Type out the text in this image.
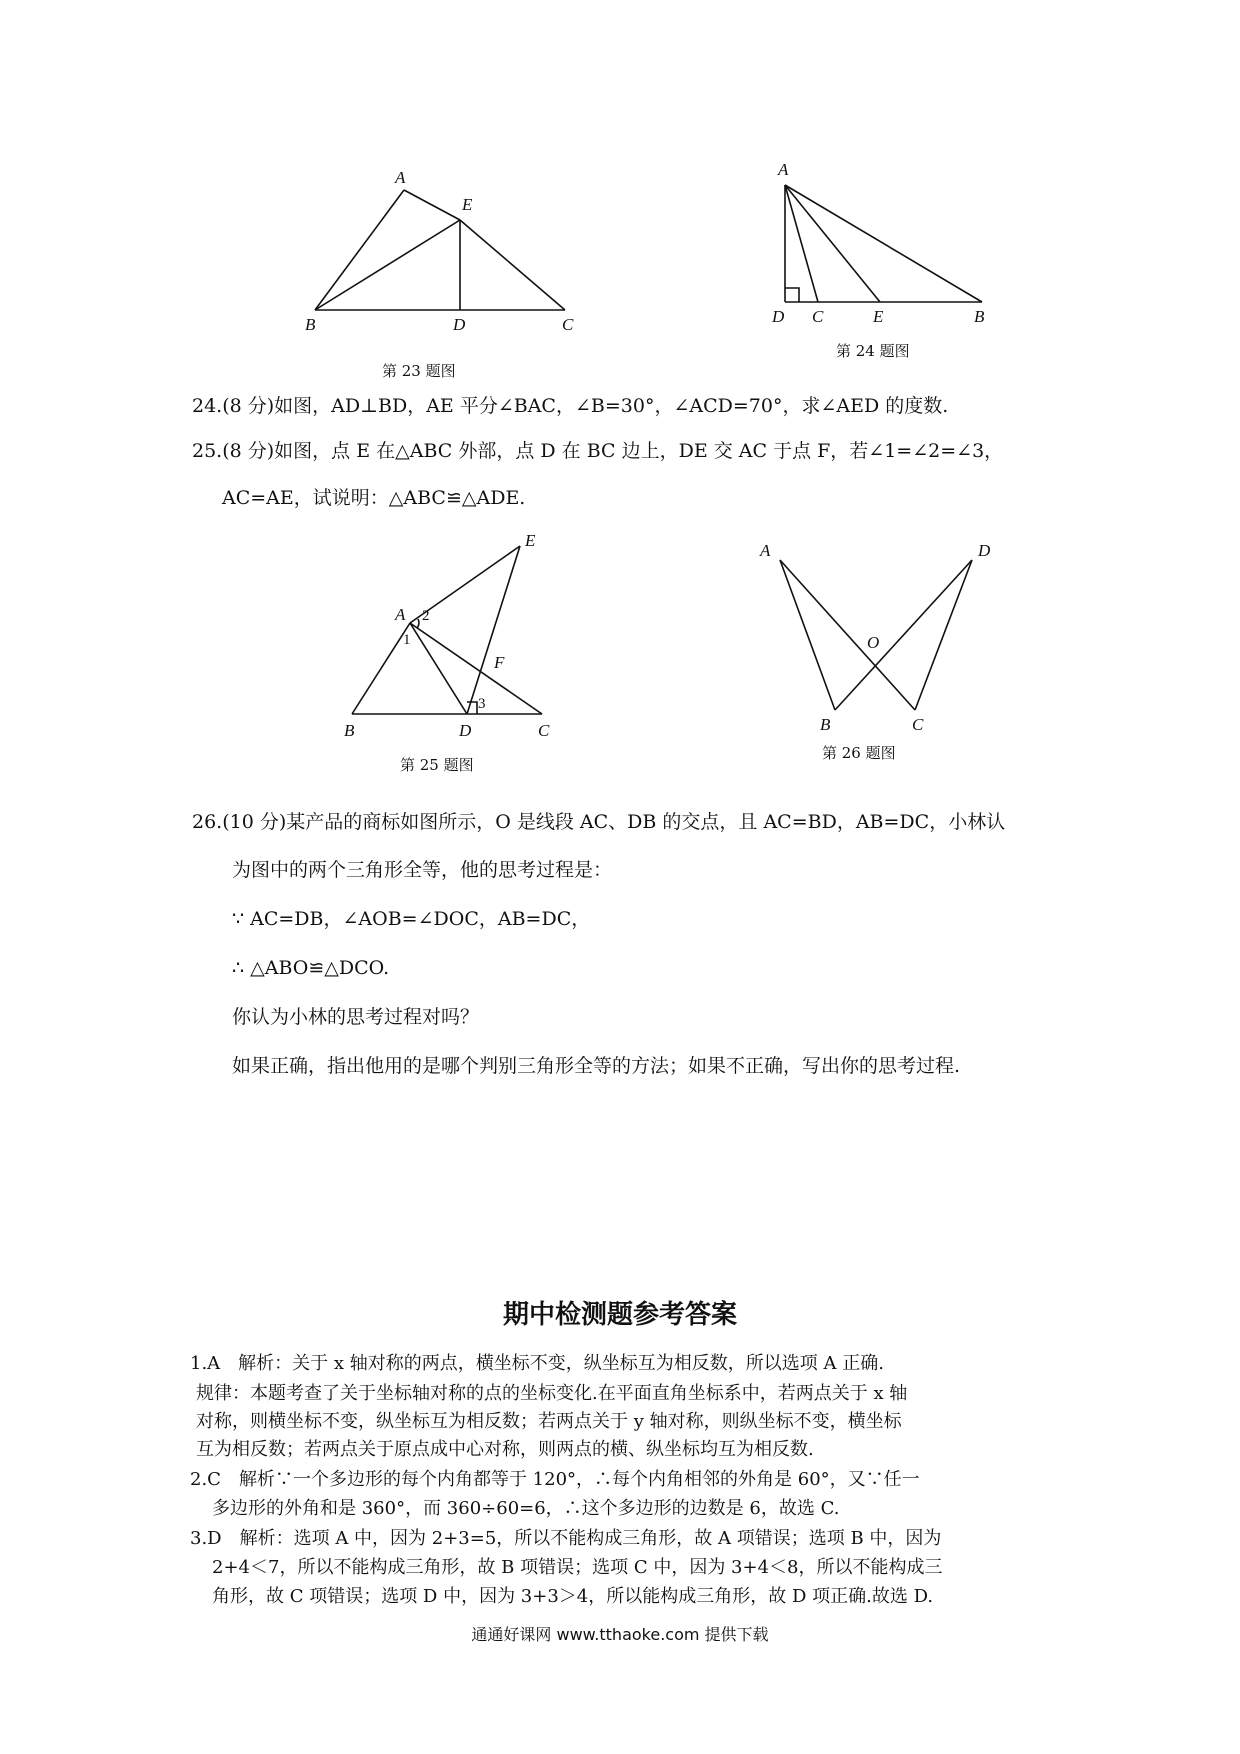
A
E
B	D	C
第 23 题图
A
D C	E	B
第 24 题图
24.(8 分)如图，AD⊥BD，AE 平分∠BAC，∠B=30°，∠ACD=70°，求∠AED 的度数.
25.(8 分)如图，点 E 在△ABC 外部，点 D 在 BC 边上，DE 交 AC 于点 F，若∠1=∠2=∠3，
AC=AE，试说明：△ABC≌△ADE.
A
E
2
1
F
3
B	D	C
第 25 题图
A	D
O
B	C
第 26 题图
26.(10 分)某产品的商标如图所示，O 是线段 AC、DB 的交点，且 AC=BD，AB=DC，小林认
为图中的两个三角形全等，他的思考过程是：
∵ AC=DB，∠AOB=∠DOC，AB=DC，
∴ △ABO≌△DCO.
你认为小林的思考过程对吗？
如果正确，指出他用的是哪个判别三角形全等的方法；如果不正确，写出你的思考过程.
期中检测题参考答案
1.A　解析：关于 x 轴对称的两点，横坐标不变，纵坐标互为相反数，所以选项 A 正确.
规律：本题考查了关于坐标轴对称的点的坐标变化.在平面直角坐标系中，若两点关于 x 轴
对称，则横坐标不变，纵坐标互为相反数；若两点关于 y 轴对称，则纵坐标不变，横坐标
互为相反数；若两点关于原点成中心对称，则两点的横、纵坐标均互为相反数.
2.C　解析∵一个多边形的每个内角都等于 120°，∴每个内角相邻的外角是 60°，又∵任一
多边形的外角和是 360°，而 360÷60=6，∴这个多边形的边数是 6，故选 C.
3.D　解析：选项 A 中，因为 2+3=5，所以不能构成三角形，故 A 项错误；选项 B 中，因为
2+4＜7，所以不能构成三角形，故 B 项错误；选项 C 中，因为 3+4＜8，所以不能构成三
角形，故 C 项错误；选项 D 中，因为 3+3＞4，所以能构成三角形，故 D 项正确.故选 D.
通通好课网 www.tthaoke.com 提供下载
